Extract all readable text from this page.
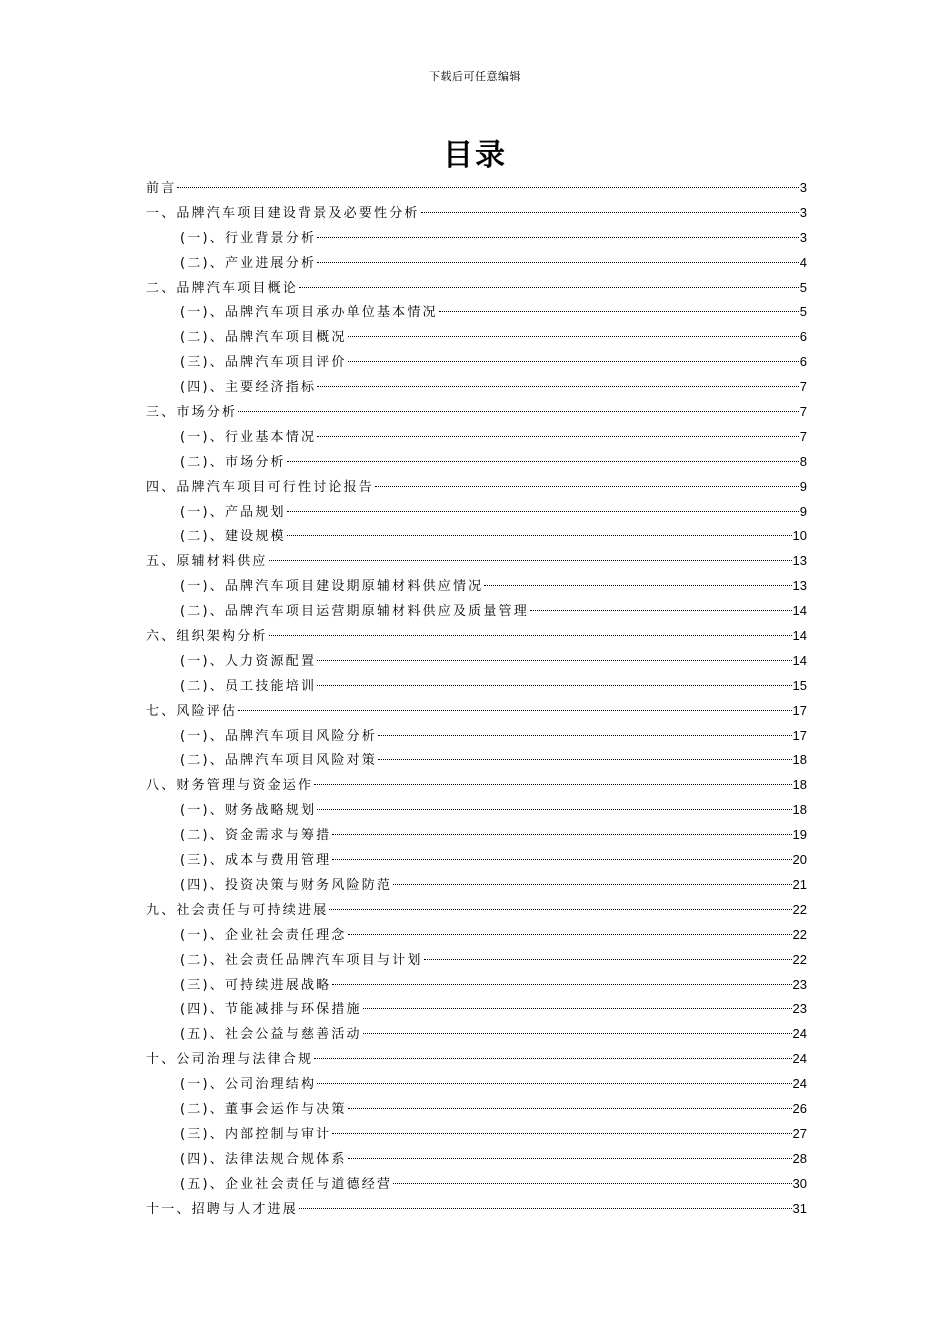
下载后可任意编辑
目录
前言	3
一、品牌汽车项目建设背景及必要性分析	3
(一)、行业背景分析	3
(二)、产业进展分析	4
二、品牌汽车项目概论	5
(一)、品牌汽车项目承办单位基本情况	5
(二)、品牌汽车项目概况	6
(三)、品牌汽车项目评价	6
(四)、主要经济指标	7
三、市场分析	7
(一)、行业基本情况	7
(二)、市场分析	8
四、品牌汽车项目可行性讨论报告	9
(一)、产品规划	9
(二)、建设规模	10
五、原辅材料供应	13
(一)、品牌汽车项目建设期原辅材料供应情况	13
(二)、品牌汽车项目运营期原辅材料供应及质量管理	14
六、组织架构分析	14
(一)、人力资源配置	14
(二)、员工技能培训	15
七、风险评估	17
(一)、品牌汽车项目风险分析	17
(二)、品牌汽车项目风险对策	18
八、财务管理与资金运作	18
(一)、财务战略规划	18
(二)、资金需求与筹措	19
(三)、成本与费用管理	20
(四)、投资决策与财务风险防范	21
九、社会责任与可持续进展	22
(一)、企业社会责任理念	22
(二)、社会责任品牌汽车项目与计划	22
(三)、可持续进展战略	23
(四)、节能减排与环保措施	23
(五)、社会公益与慈善活动	24
十、公司治理与法律合规	24
(一)、公司治理结构	24
(二)、董事会运作与决策	26
(三)、内部控制与审计	27
(四)、法律法规合规体系	28
(五)、企业社会责任与道德经营	30
十一、招聘与人才进展	31
